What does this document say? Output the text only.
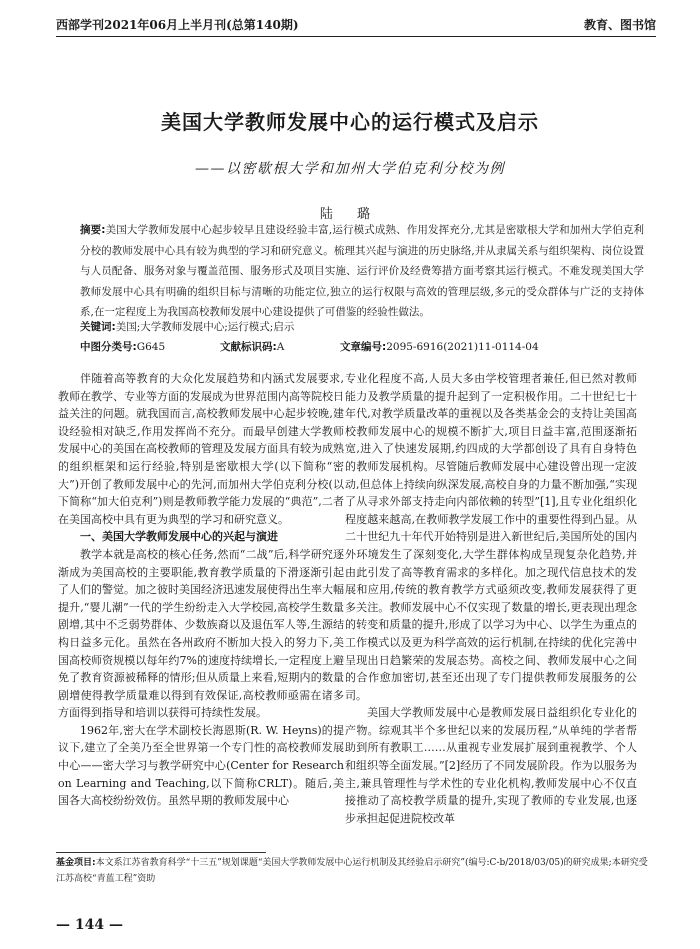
西部学刊2021年06月上半月刊(总第140期)	教育、图书馆
美国大学教师发展中心的运行模式及启示
——以密歇根大学和加州大学伯克利分校为例
陆 璐
摘要:美国大学教师发展中心起步较早且建设经验丰富,运行模式成熟、作用发挥充分,尤其是密歇根大学和加州大学伯克利分校的教师发展中心具有较为典型的学习和研究意义。梳理其兴起与演进的历史脉络,并从隶属关系与组织架构、岗位设置与人员配备、服务对象与覆盖范围、服务形式及项目实施、运行评价及经费筹措方面考察其运行模式。不难发现美国大学教师发展中心具有明确的组织目标与清晰的功能定位,独立的运行权限与高效的管理层级,多元的受众群体与广泛的支持体系,在一定程度上为我国高校教师发展中心建设提供了可借鉴的经验性做法。
关键词:美国;大学教师发展中心;运行模式;启示
中图分类号:G645	文献标识码:A	文章编号:2095-6916(2021)11-0114-04

伴随着高等教育的大众化发展趋势和内涵式发展要求,教师在教学、专业等方面的发展成为世界范围内高等院校日益关注的问题。就我国而言,高校教师发展中心起步较晚,建设经验相对缺乏,作用发挥尚不充分。而最早创建大学教师发展中心的美国在高校教师的管理及发展方面具有较为成熟的组织框架和运行经验,特别是密歇根大学(以下简称“密大”)开创了教师发展中心的先河,而加州大学伯克利分校(以下简称“加大伯克利”)则是教师教学能力发展的“典范”,二者在美国高校中具有更为典型的学习和研究意义。

一、美国大学教师发展中心的兴起与演进

教学本就是高校的核心任务,然而“二战”后,科学研究逐渐成为美国高校的主要职能,教育教学质量的下滑逐渐引起了人们的警觉。加之彼时美国经济迅速发展使得出生率大幅提升,“婴儿潮”一代的学生纷纷走入大学校园,高校学生数量剧增,其中不乏弱势群体、少数族裔以及退伍军人等,生源结构日益多元化。虽然在各州政府不断加大投入的努力下,美国高校师资规模以每年约7%的速度持续增长,一定程度上避免了教育资源被稀释的情形;但从质量上来看,短期内的数量剧增使得教学质量难以得到有效保证,高校教师亟需在诸多方面得到指导和培训以获得可持续性发展。

1962年,密大在学术副校长海恩斯(R. W. Heyns)的提议下,建立了全美乃至全世界第一个专门性的高校教师发展中心——密大学习与教学研究中心(Center for Research on Learning and Teaching,以下简称CRLT)。随后,美国各大高校纷纷效仿。虽然早期的教师发展中心

专业化程度不高,人员大多由学校管理者兼任,但已然对教师能力及教学质量的提升起到了一定积极作用。二十世纪七十年代,对教学质量改革的重视以及各类基金会的支持让美国高校教师发展中心的规模不断扩大,项目日益丰富,范围逐渐拓宽,进入了快速发展期,约四成的大学都创设了具有自身特色的教师发展机构。尽管随后教师发展中心建设曾出现一定波动,但总体上持续向纵深发展,高校自身的力量不断加强,“实现了从寻求外部支持走向内部依赖的转型”[1],且专业化组织化程度越来越高,在教师教学发展工作中的重要性得到凸显。从二十世纪九十年代开始特别是进入新世纪后,美国所处的国内外环境发生了深刻变化,大学生群体构成呈现复杂化趋势,并由此引发了高等教育需求的多样化。加之现代信息技术的发展和应用,传统的教育教学方式亟须改变,教师发展获得了更多关注。教师发展中心不仅实现了数量的增长,更表现出理念的转变和质量的提升,形成了以学习为中心、以学生为重点的工作模式以及更为科学高效的运行机制,在持续的优化完善中呈现出日趋繁荣的发展态势。高校之间、教师发展中心之间的合作愈加密切,甚至还出现了专门提供教师发展服务的公司。

美国大学教师发展中心是教师发展日益组织化专业化的产物。综观其半个多世纪以来的发展历程,“从单纯的学者帮助到所有教职工……从重视专业发展扩展到重视教学、个人和组织等全面发展。”[2]经历了不同发展阶段。作为以服务为主,兼具管理性与学术性的专业化机构,教师发展中心不仅直接推动了高校教学质量的提升,实现了教师的专业发展,也逐步承担起促进院校改革

基金项目:本文系江苏省教育科学“十三五”规划课题“美国大学教师发展中心运行机制及其经验启示研究”(编号:C-b/2018/03/05)的研究成果;本研究受江苏高校“青蓝工程”资助
— 144 —
